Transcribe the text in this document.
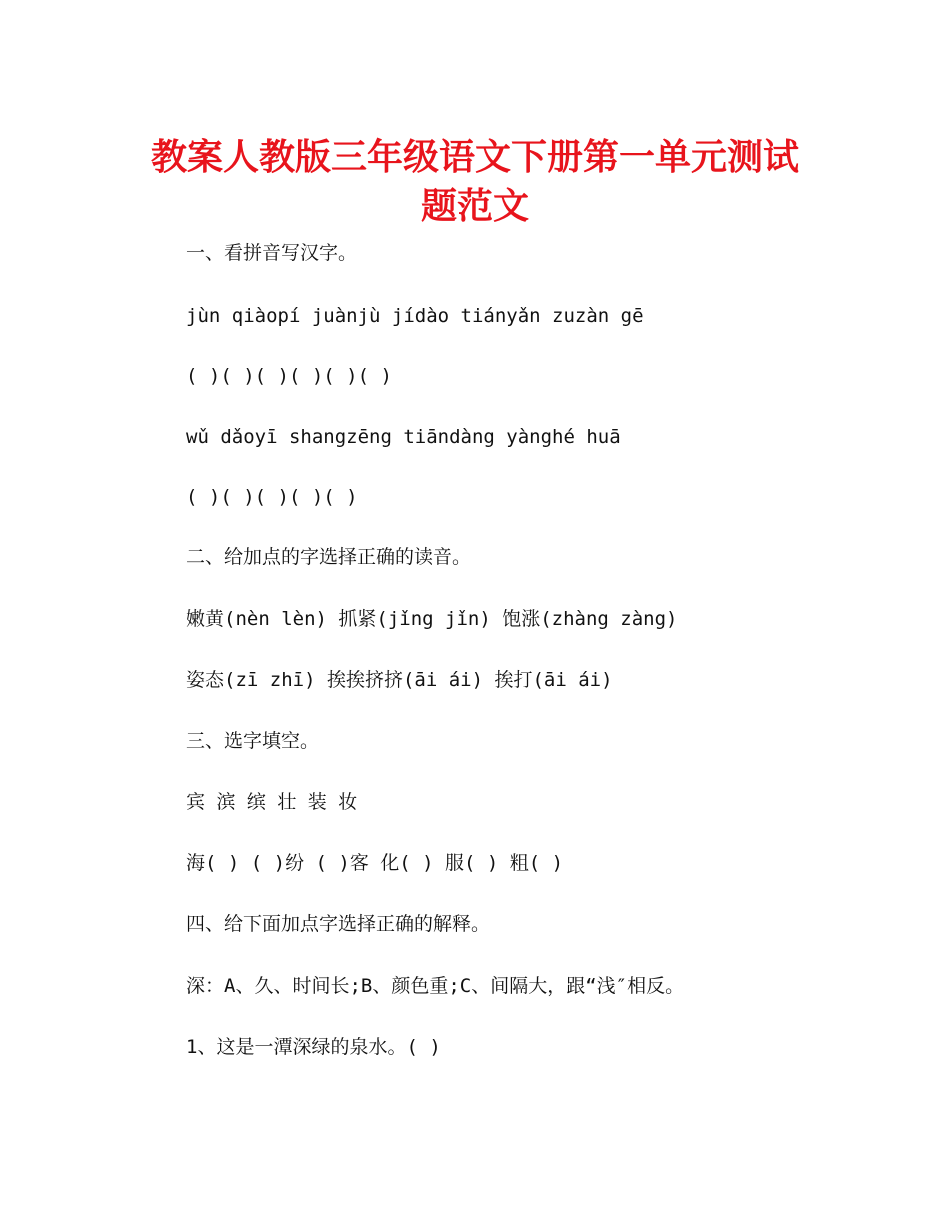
教案人教版三年级语文下册第一单元测试
题范文

一、看拼音写汉字。

jùn qiàopí juànjù jídào tiányǎn zuzàn gē

( )( )( )( )( )( )

wǔ dǎoyī shangzēng tiāndàng yànghé huā

( )( )( )( )( )

二、给加点的字选择正确的读音。

嫩黄(nèn lèn) 抓紧(jǐng jǐn) 饱涨(zhàng zàng)

姿态(zī zhī) 挨挨挤挤(āi ái) 挨打(āi ái)

三、选字填空。

宾 滨 缤 壮 装 妆

海( ) ( )纷 ( )客 化( ) 服( ) 粗( )

四、给下面加点字选择正确的解释。

深：A、久、时间长;B、颜色重;C、间隔大，跟“浅″相反。

1、这是一潭深绿的泉水。( )
